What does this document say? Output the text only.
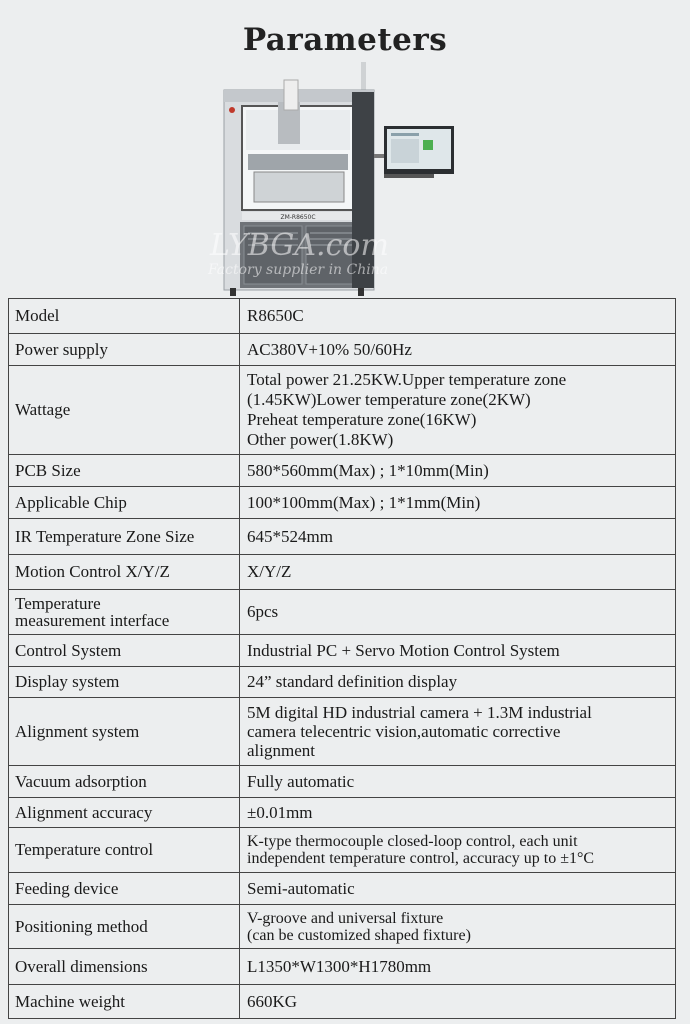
Parameters
ZM-R8650C
LYBGA.com
Factory supplier in China
Model	R8650C

Power supply	AC380V+10% 50/60Hz

Wattage	Total power 21.25KW.Upper temperature zone
(1.45KW)Lower temperature zone(2KW)
Preheat temperature zone(16KW)
Other power(1.8KW)

PCB Size	580*560mm(Max) ; 1*10mm(Min)

Applicable Chip	100*100mm(Max) ; 1*1mm(Min)

IR Temperature Zone Size	645*524mm

Motion Control X/Y/Z	X/Y/Z

Temperature
measurement interface	6pcs

Control System	Industrial PC + Servo Motion Control System

Display system	24” standard definition display

Alignment system	5M digital HD industrial camera + 1.3M industrial
camera telecentric vision,automatic corrective
alignment

Vacuum adsorption	Fully automatic

Alignment accuracy	±0.01mm

Temperature control	K-type thermocouple closed-loop control, each unit
independent temperature control, accuracy up to ±1°C

Feeding device	Semi-automatic

Positioning method	V-groove and universal fixture
(can be customized shaped fixture)

Overall dimensions	L1350*W1300*H1780mm

Machine weight	660KG
